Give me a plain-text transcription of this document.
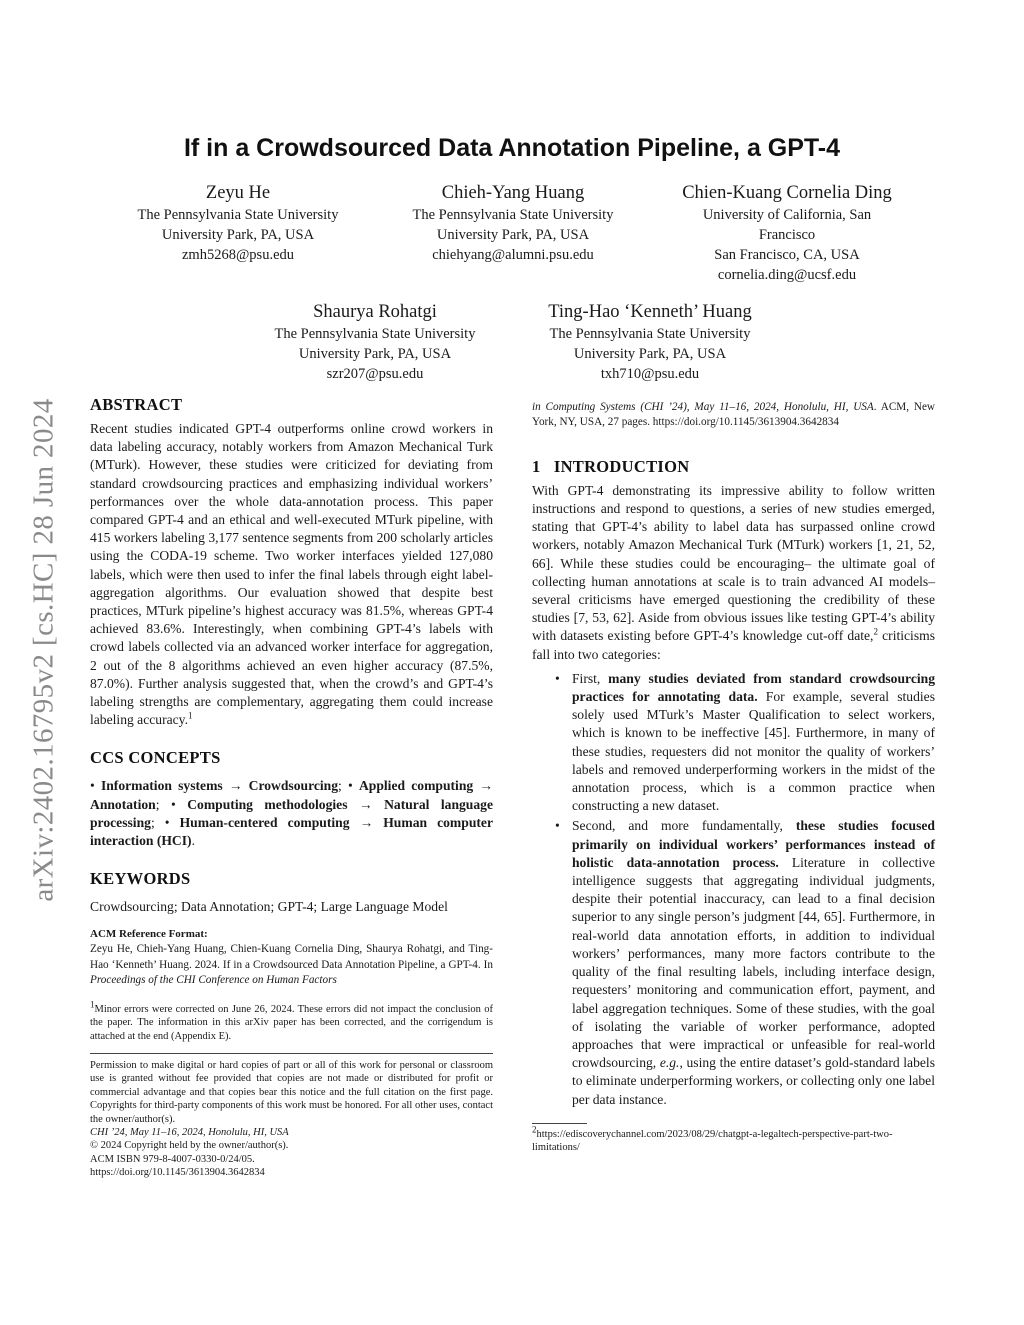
arXiv:2402.16795v2 [cs.HC] 28 Jun 2024
If in a Crowdsourced Data Annotation Pipeline, a GPT-4
Zeyu He
The Pennsylvania State University
University Park, PA, USA
zmh5268@psu.edu
Chieh-Yang Huang
The Pennsylvania State University
University Park, PA, USA
chiehyang@alumni.psu.edu
Chien-Kuang Cornelia Ding
University of California, San
Francisco
San Francisco, CA, USA
cornelia.ding@ucsf.edu
Shaurya Rohatgi
The Pennsylvania State University
University Park, PA, USA
szr207@psu.edu
Ting-Hao ‘Kenneth’ Huang
The Pennsylvania State University
University Park, PA, USA
txh710@psu.edu
ABSTRACT

Recent studies indicated GPT-4 outperforms online crowd workers in data labeling accuracy, notably workers from Amazon Mechanical Turk (MTurk). However, these studies were criticized for deviating from standard crowdsourcing practices and emphasizing individual workers’ performances over the whole data-annotation process. This paper compared GPT-4 and an ethical and well-executed MTurk pipeline, with 415 workers labeling 3,177 sentence segments from 200 scholarly articles using the CODA-19 scheme. Two worker interfaces yielded 127,080 labels, which were then used to infer the final labels through eight label-aggregation algorithms. Our evaluation showed that despite best practices, MTurk pipeline’s highest accuracy was 81.5%, whereas GPT-4 achieved 83.6%. Interestingly, when combining GPT-4’s labels with crowd labels collected via an advanced worker interface for aggregation, 2 out of the 8 algorithms achieved an even higher accuracy (87.5%, 87.0%). Further analysis suggested that, when the crowd’s and GPT-4’s labeling strengths are complementary, aggregating them could increase labeling accuracy.$^1$

CCS CONCEPTS

• Information systems → Crowdsourcing; • Applied computing → Annotation; • Computing methodologies → Natural language processing; • Human-centered computing → Human computer interaction (HCI).

KEYWORDS

Crowdsourcing; Data Annotation; GPT-4; Large Language Model

ACM Reference Format:

Zeyu He, Chieh-Yang Huang, Chien-Kuang Cornelia Ding, Shaurya Rohatgi, and Ting-Hao ‘Kenneth’ Huang. 2024. If in a Crowdsourced Data Annotation Pipeline, a GPT-4. In Proceedings of the CHI Conference on Human Factors

1Minor errors were corrected on June 26, 2024. These errors did not impact the conclusion of the paper. The information in this arXiv paper has been corrected, and the corrigendum is attached at the end (Appendix E).

Permission to make digital or hard copies of part or all of this work for personal or classroom use is granted without fee provided that copies are not made or distributed for profit or commercial advantage and that copies bear this notice and the full citation on the first page. Copyrights for third-party components of this work must be honored. For all other uses, contact the owner/author(s).

CHI ’24, May 11–16, 2024, Honolulu, HI, USA

© 2024 Copyright held by the owner/author(s).

ACM ISBN 979-8-4007-0330-0/24/05.

https://doi.org/10.1145/3613904.3642834

in Computing Systems (CHI ’24), May 11–16, 2024, Honolulu, HI, USA. ACM, New York, NY, USA, 27 pages. https://doi.org/10.1145/3613904.3642834

1 INTRODUCTION

With GPT-4 demonstrating its impressive ability to follow written instructions and respond to questions, a series of new studies emerged, stating that GPT-4’s ability to label data has surpassed online crowd workers, notably Amazon Mechanical Turk (MTurk) workers [1, 21, 52, 66]. While these studies could be encouraging– the ultimate goal of collecting human annotations at scale is to train advanced AI models– several criticisms have emerged questioning the credibility of these studies [7, 53, 62]. Aside from obvious issues like testing GPT-4’s ability with datasets existing before GPT-4’s knowledge cut-off date,$^2$ criticisms fall into two categories:

• First, many studies deviated from standard crowdsourcing practices for annotating data. For example, several studies solely used MTurk’s Master Qualification to select workers, which is known to be ineffective [45]. Furthermore, in many of these studies, requesters did not monitor the quality of workers’ labels and removed underperforming workers in the midst of the annotation process, which is a common practice when constructing a new dataset.
• Second, and more fundamentally, these studies focused primarily on individual workers’ performances instead of holistic data-annotation process. Literature in collective intelligence suggests that aggregating individual judgments, despite their potential inaccuracy, can lead to a final decision superior to any single person’s judgment [44, 65]. Furthermore, in real-world data annotation efforts, in addition to individual workers’ performances, many more factors contribute to the quality of the final resulting labels, including interface design, requesters’ monitoring and communication effort, payment, and label aggregation techniques. Some of these studies, with the goal of isolating the variable of worker performance, adopted approaches that were impractical or unfeasible for real-world crowdsourcing, e.g., using the entire dataset’s gold-standard labels to eliminate underperforming workers, or collecting only one label per data instance.

2https://ediscoverychannel.com/2023/08/29/chatgpt-a-legaltech-perspective-part-two-limitations/
